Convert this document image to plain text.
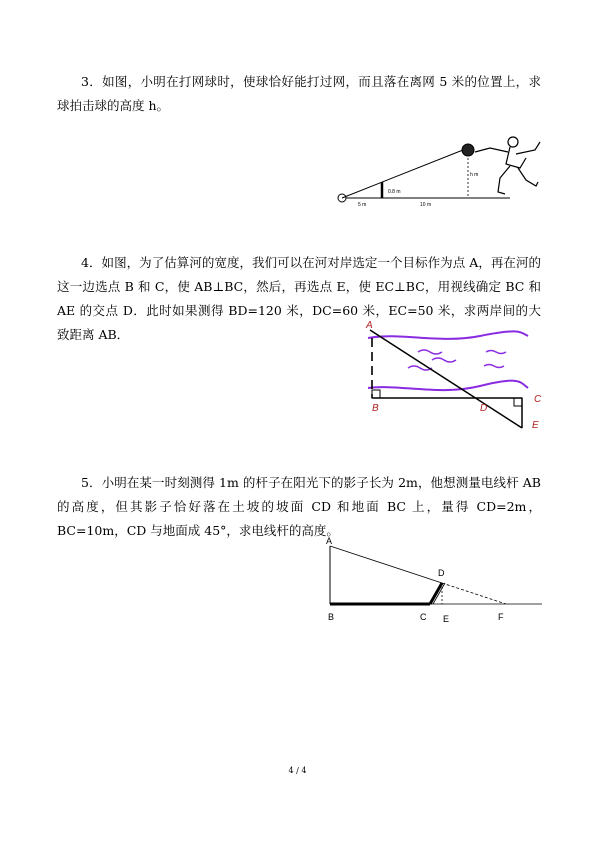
3．如图，小明在打网球时，使球恰好能打过网，而且落在离网 5 米的位置上，求球拍击球的高度 h。

0.8 m
h m
5 m	10 m

4．如图，为了估算河的宽度，我们可以在河对岸选定一个目标作为点 A，再在河的这一边选点 B 和 C，使 AB⊥BC，然后，再选点 E，使 EC⊥BC，用视线确定 BC 和 AE 的交点 D．此时如果测得 BD=120 米，DC=60 米，EC=50 米，求两岸间的大致距离 AB．

A
B
C
D
E

5．小明在某一时刻测得 1m 的杆子在阳光下的影子长为 2m，他想测量电线杆 AB 的高度，但其影子恰好落在土坡的坡面 CD 和地面 BC 上，量得 CD=2m，BC=10m，CD 与地面成 45°，求电线杆的高度。

A
B	C
D
E	F
4 / 4
